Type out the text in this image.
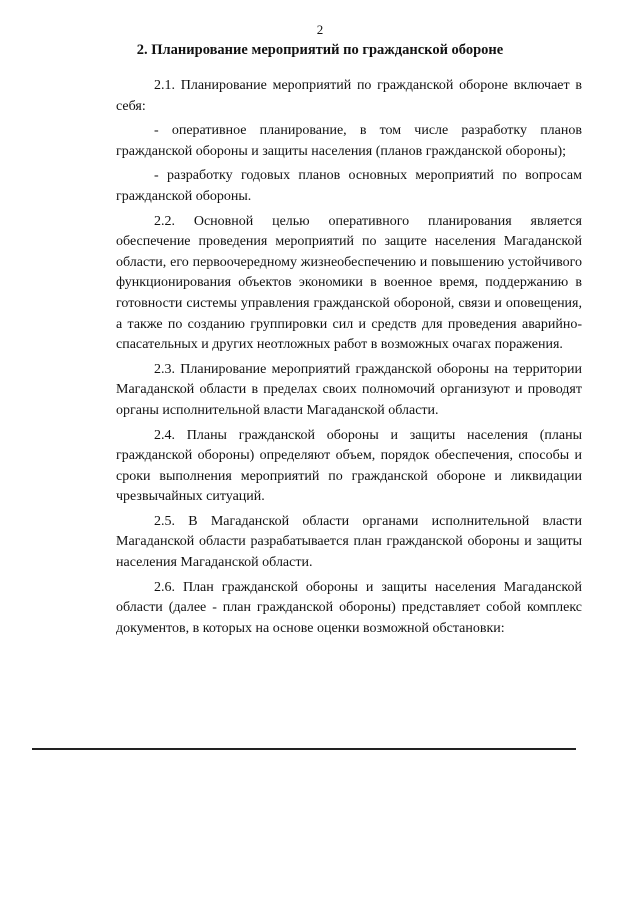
2
2. Планирование мероприятий по гражданской обороне

2.1. Планирование мероприятий по гражданской обороне включает в себя:

- оперативное планирование, в том числе разработку планов гражданской обороны и защиты населения (планов гражданской обороны);

- разработку годовых планов основных мероприятий по вопросам гражданской обороны.

2.2. Основной целью оперативного планирования является обеспечение проведения мероприятий по защите населения Магаданской области, его первоочередному жизнеобеспечению и повышению устойчивого функционирования объектов экономики в военное время, поддержанию в готовности системы управления гражданской обороной, связи и оповещения, а также по созданию группировки сил и средств для проведения аварийно-спасательных и других неотложных работ в возможных очагах поражения.

2.3. Планирование мероприятий гражданской обороны на территории Магаданской области в пределах своих полномочий организуют и проводят органы исполнительной власти Магаданской области.

2.4. Планы гражданской обороны и защиты населения (планы гражданской обороны) определяют объем, порядок обеспечения, способы и сроки выполнения мероприятий по гражданской обороне и ликвидации чрезвычайных ситуаций.

2.5. В Магаданской области органами исполнительной власти Магаданской области разрабатывается план гражданской обороны и защиты населения Магаданской области.

2.6. План гражданской обороны и защиты населения Магаданской области (далее - план гражданской обороны) представляет собой комплекс документов, в которых на основе оценки возможной обстановки:
